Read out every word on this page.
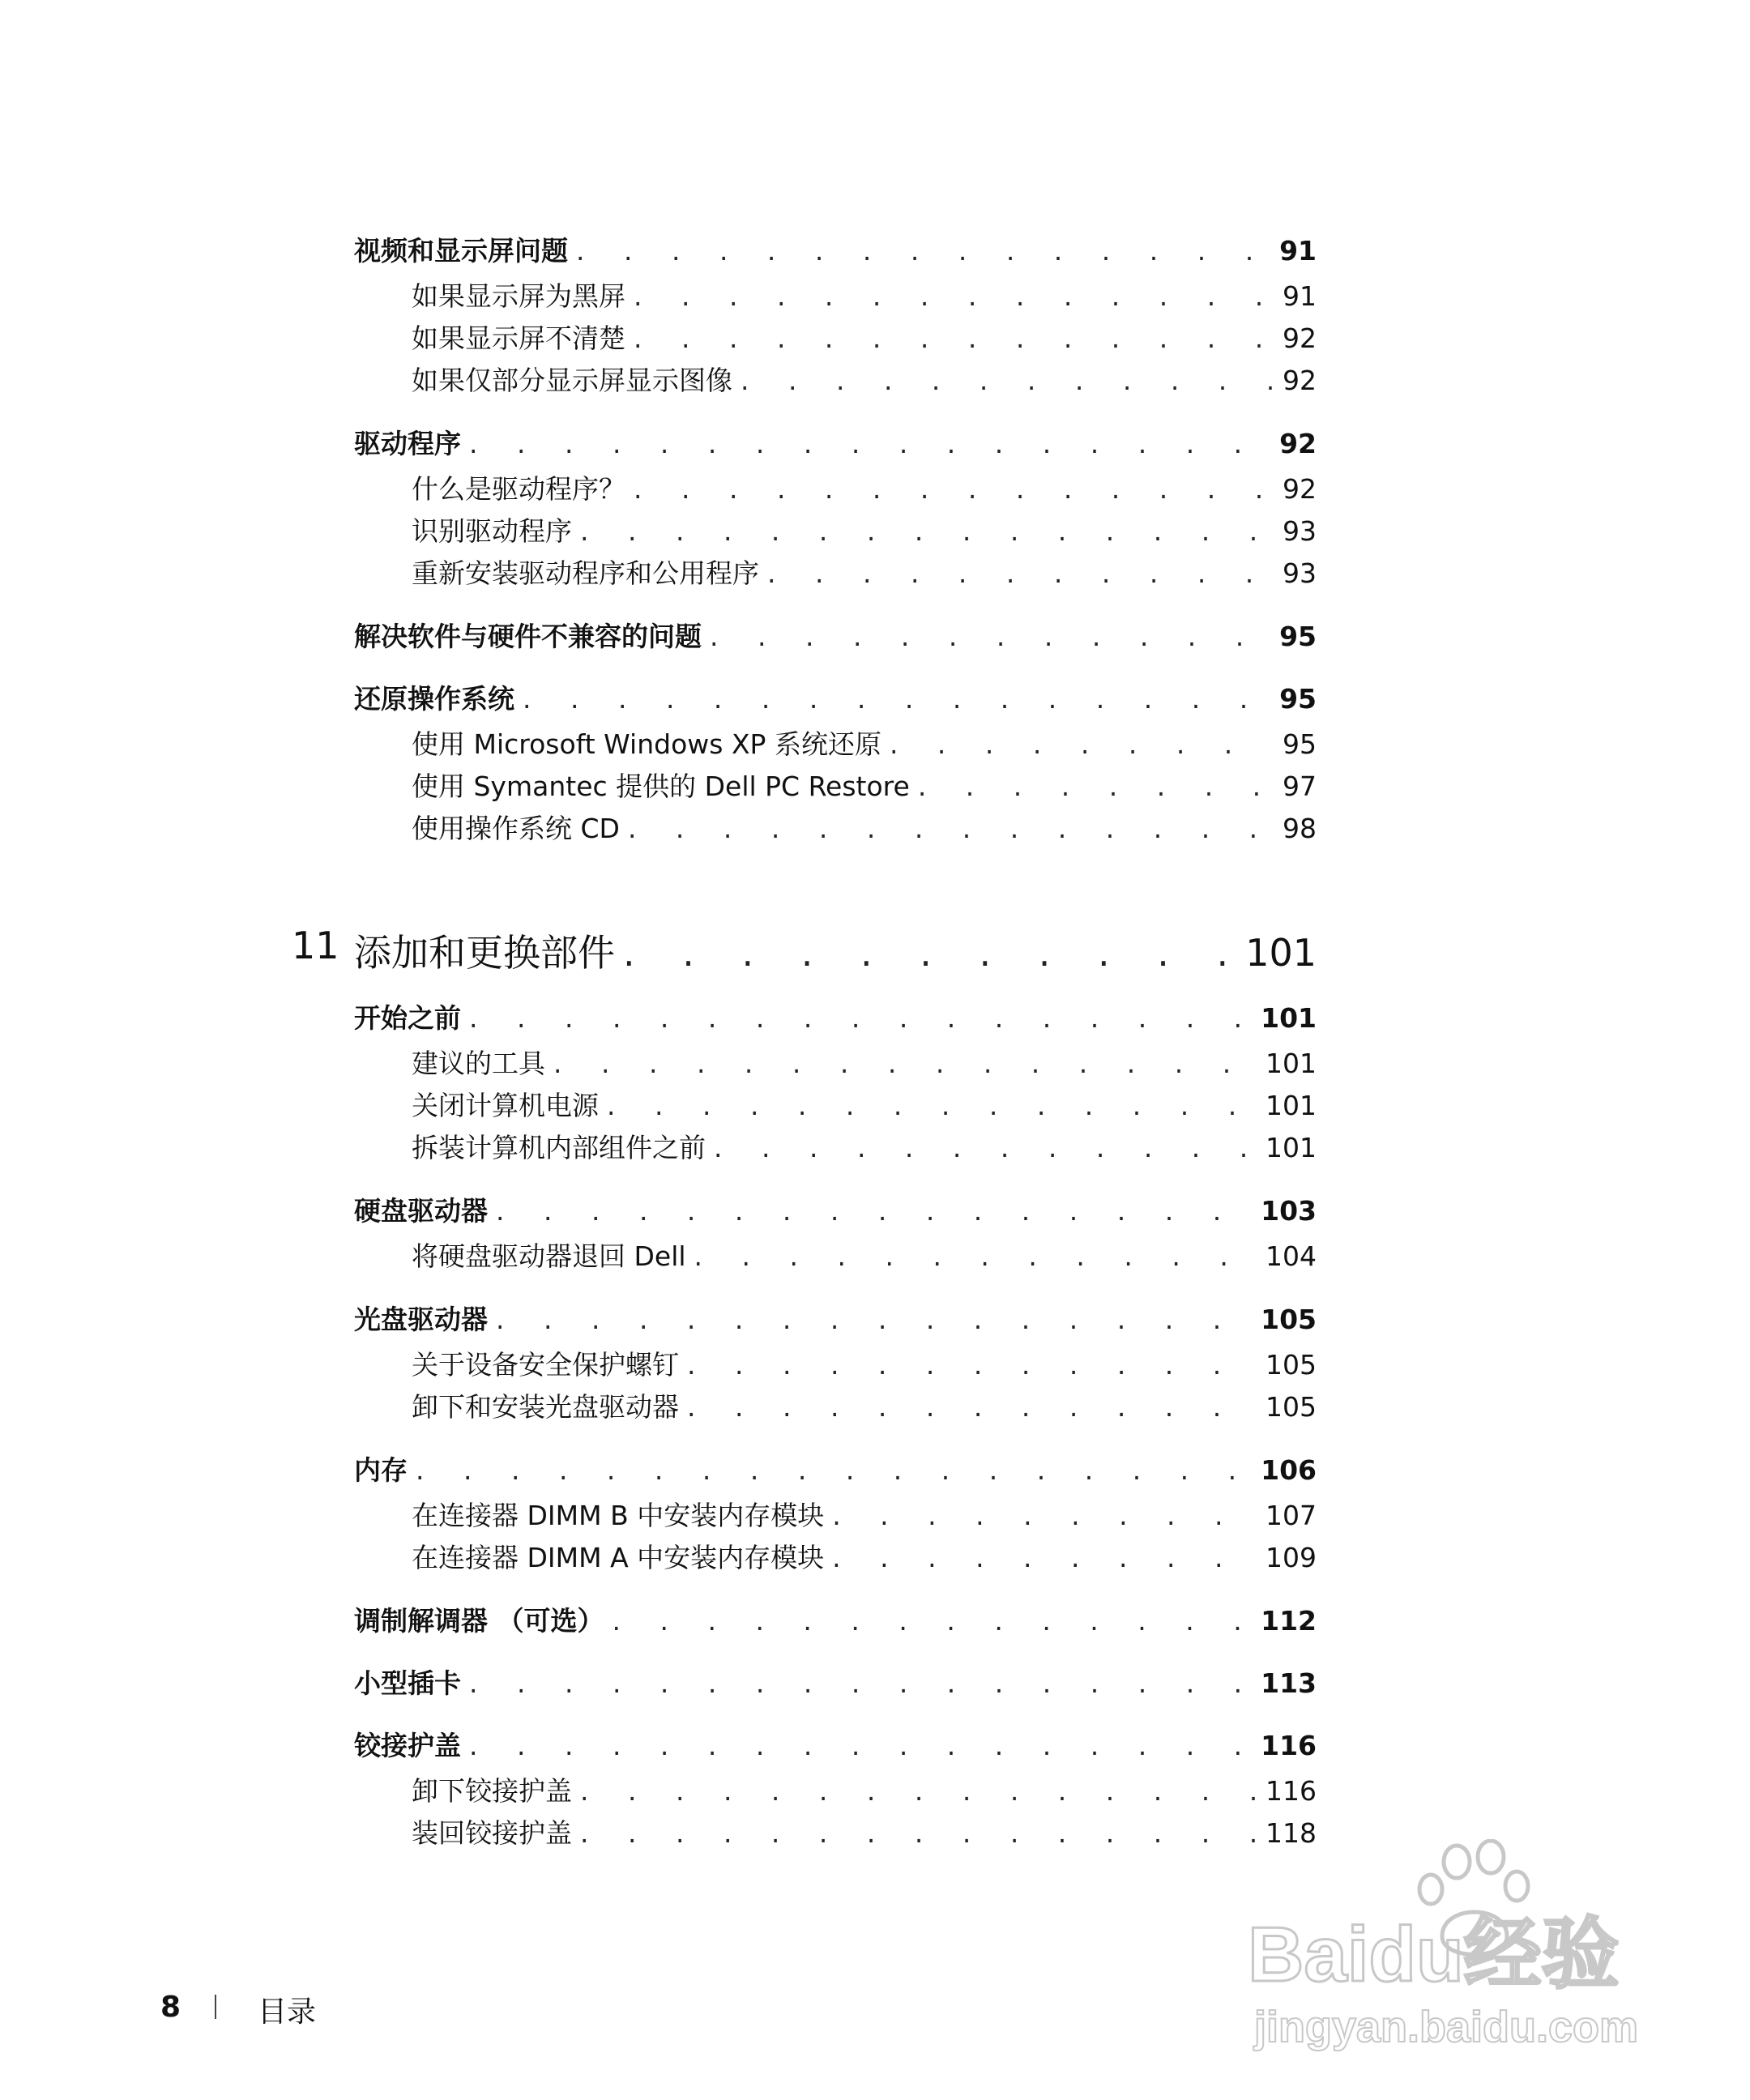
视频和显示屏问题 . . .	91
如果显示屏为黑屏 . . .	91
如果显示屏不清楚 . . .	92
如果仅部分显示屏显示图像 . . .	92
驱动程序 . . .	92
什么是驱动程序？ . . .	92
识别驱动程序 . . .	93
重新安装驱动程序和公用程序 . . .	93
解决软件与硬件不兼容的问题 . . .	95
还原操作系统 . . .	95
使用 Microsoft Windows XP 系统还原 . . .	95
使用 Symantec 提供的 Dell PC Restore . . .	97
使用操作系统 CD . . .	98
11 添加和更换部件 . . .	101
开始之前 . . .	101
建议的工具 . . .	101
关闭计算机电源 . . .	101
拆装计算机内部组件之前 . . .	101
硬盘驱动器 . . .	103
将硬盘驱动器退回 Dell . . .	104
光盘驱动器 . . .	105
关于设备安全保护螺钉 . . .	105
卸下和安装光盘驱动器 . . .	105
内存 . . .	106
在连接器 DIMM B 中安装内存模块 . . .	107
在连接器 DIMM A 中安装内存模块 . . .	109
调制解调器 （可选） . . .	112
小型插卡 . . .	113
铰接护盖 . . .	116
卸下铰接护盖 . . .	116
装回铰接护盖 . . .	118
8	目录
Baidu经验
jingyan.baidu.com
